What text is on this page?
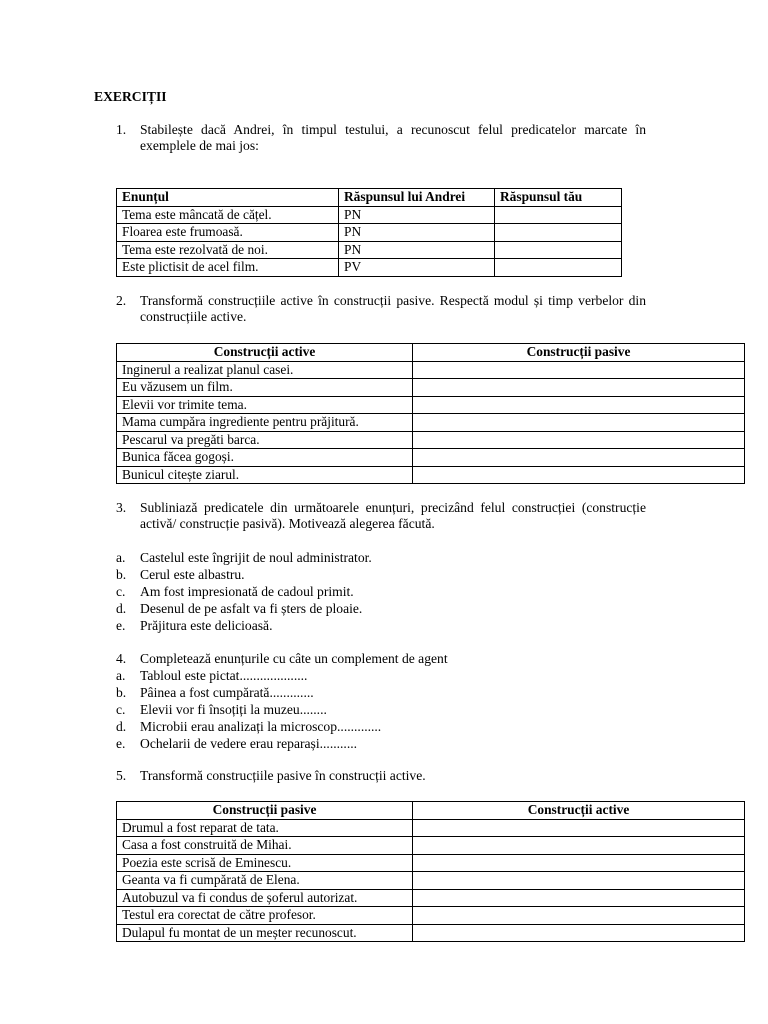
EXERCIȚII
1. Stabilește dacă Andrei, în timpul testului, a recunoscut felul predicatelor marcate în exemplele de mai jos:
Enunțul	Răspunsul lui Andrei	Răspunsul tău
Tema este mâncată de cățel.	PN	
Floarea este frumoasă.	PN	
Tema este rezolvată de noi.	PN	
Este plictisit de acel film.	PV	
2. Transformă construcțiile active în construcții pasive. Respectă modul și timp verbelor din construcțiile active.
Construcții active	Construcții pasive
Inginerul a realizat planul casei.	
Eu văzusem un film.	
Elevii vor trimite tema.	
Mama cumpăra ingrediente pentru prăjitură.	
Pescarul va pregăti barca.	
Bunica făcea gogoși.	
Bunicul citește ziarul.	
3. Subliniază predicatele din următoarele enunțuri, precizând felul construcției (construcție activă/ construcție pasivă). Motivează alegerea făcută.
a. Castelul este îngrijit de noul administrator.
b. Cerul este albastru.
c. Am fost impresionată de cadoul primit.
d. Desenul de pe asfalt va fi șters de ploaie.
e. Prăjitura este delicioasă.
4. Completează enunțurile cu câte un complement de agent
a. Tabloul este pictat....................
b. Pâinea a fost cumpărată.............
c. Elevii vor fi însoțiți la muzeu........
d. Microbii erau analizați la microscop.............
e. Ochelarii de vedere erau reparași...........
5. Transformă construcțiile pasive în construcții active.
Construcții pasive	Construcții active
Drumul a fost reparat de tata.	
Casa a fost construită de Mihai.	
Poezia este scrisă de Eminescu.	
Geanta va fi cumpărată de Elena.	
Autobuzul va fi condus de șoferul autorizat.	
Testul era corectat de către profesor.	
Dulapul fu montat de un meșter recunoscut.	
